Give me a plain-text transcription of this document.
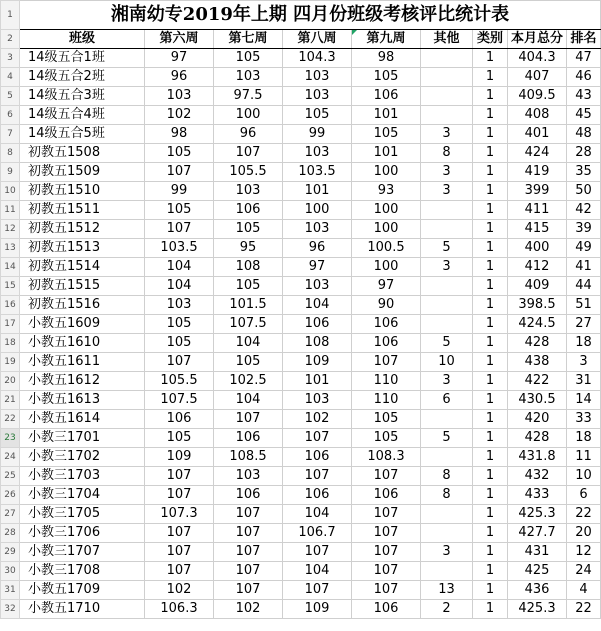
1	湘南幼专2019年上期 四月份班级考核评比统计表								
2	班级	第六周	第七周	第八周	第九周	其他	类别	本月总分	排名
3	14级五合1班	97	105	104.3	98		1	404.3	47
4	14级五合2班	96	103	103	105		1	407	46
5	14级五合3班	103	97.5	103	106		1	409.5	43
6	14级五合4班	102	100	105	101		1	408	45
7	14级五合5班	98	96	99	105	3	1	401	48
8	初教五1508	105	107	103	101	8	1	424	28
9	初教五1509	107	105.5	103.5	100	3	1	419	35
10	初教五1510	99	103	101	93	3	1	399	50
11	初教五1511	105	106	100	100		1	411	42
12	初教五1512	107	105	103	100		1	415	39
13	初教五1513	103.5	95	96	100.5	5	1	400	49
14	初教五1514	104	108	97	100	3	1	412	41
15	初教五1515	104	105	103	97		1	409	44
16	初教五1516	103	101.5	104	90		1	398.5	51
17	小教五1609	105	107.5	106	106		1	424.5	27
18	小教五1610	105	104	108	106	5	1	428	18
19	小教五1611	107	105	109	107	10	1	438	3
20	小教五1612	105.5	102.5	101	110	3	1	422	31
21	小教五1613	107.5	104	103	110	6	1	430.5	14
22	小教五1614	106	107	102	105		1	420	33
23	小教三1701	105	106	107	105	5	1	428	18
24	小教三1702	109	108.5	106	108.3		1	431.8	11
25	小教三1703	107	103	107	107	8	1	432	10
26	小教三1704	107	106	106	106	8	1	433	6
27	小教三1705	107.3	107	104	107		1	425.3	22
28	小教三1706	107	107	106.7	107		1	427.7	20
29	小教三1707	107	107	107	107	3	1	431	12
30	小教三1708	107	107	104	107		1	425	24
31	小教五1709	102	107	107	107	13	1	436	4
32	小教五1710	106.3	102	109	106	2	1	425.3	22
